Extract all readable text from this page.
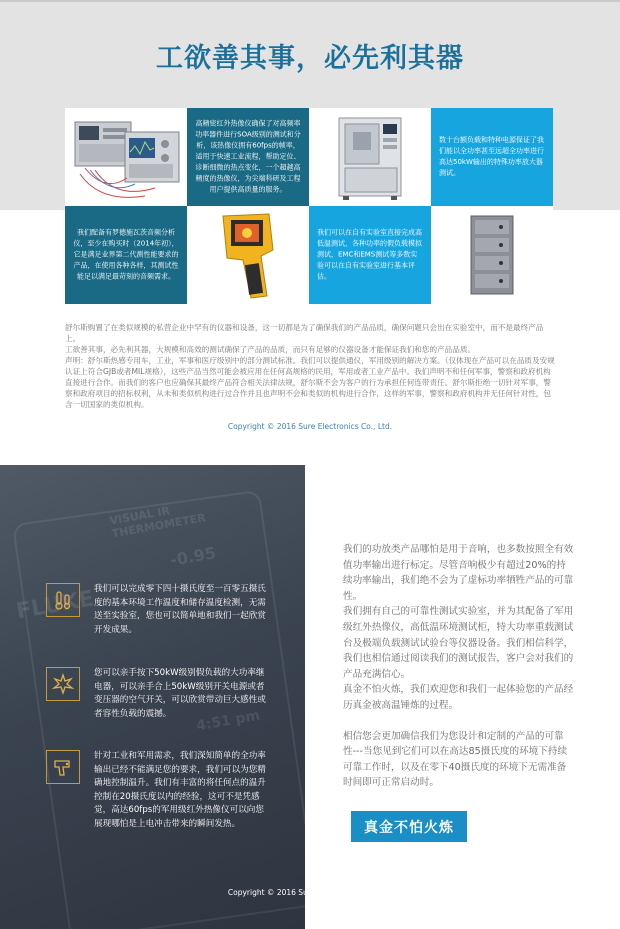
工欲善其事，必先利其器
高精密红外热像仪确保了对高频率功率器件进行SOA级别的测试和分析，该热像仪拥有60fps的帧率，适用于快速工业流程，帮助定位、诊断细微的热点变化，一个超越高精度的热像仪，为尖端科研及工程用户提供高质量的服务。
数十台额负载和特种电源保证了我们能以全功率甚至远超全功率进行高达50kW输出的特殊功率放大器测试。
我们配备有罗德施瓦茨音频分析仪，至少在购买时（2014年初），它是满足业界第二代测性能要求的产品，在使用各种各样，其测试性能足以满足最苛刻的音频需求。
我们可以在自有实验室直接完成高低温测试，各种功率的假负载模拟测试，EMC和EMS测试等多数实验可以在自有实验室进行基本评估。

舒尔斯购置了在类似规模的私营企业中罕有的仪器和设备，这一切都是为了确保我们的产品品质，确保问题只会出在实验室中，而不是最终产品上。

工欲善其事，必先利其器，大规模和高效的测试确保了产品的品质，而只有足够的仪器设备才能保证我们和您的产品品质。

声明：舒尔斯热感专用车，工业，军事和医疗级别中的部分测试标准。我们可以提供通仪，军用级别的解决方案。（仅体现在产品可以在品质及安规认证上符合GJB或者MIL规格），这些产品当然可能会被应用在任何高规格的民用，军用或者工业产品中。我们声明不和任何军事，警察和政府机构直接进行合作。而我们的客户也应确保其最终产品符合相关法律法规，舒尔斯不会为客户的行为承担任何连带责任。舒尔斯拒绝一切针对军事，警察和政府项目的招标权利，从未和类似机构进行过合作并且也声明不会和类似的机构进行合作，这样的军事，警察和政府机构并无任何针对性，包含一切国家的类似机构。

Copyright © 2016 Sure Electronics Co., Ltd.
FLUKE
VISUAL IR THERMOMETER
-0.95
4:51 pm
我们可以完成零下四十摄氏度至一百零五摄氏度的基本环境工作温度和储存温度检测，无需送至实验室，您也可以简单地和我们一起欣赏开发成果。
您可以亲手按下50kW级别假负载的大功率继电器，可以亲手合上50kW级别开关电源或者变压器的空气开关，可以欣赏带动巨大感性或者容性负载的震撼。
针对工业和军用需求，我们深知简单的全功率输出已经不能满足您的要求，我们可以为您精确地控制温升。我们有丰富的将任何点的温升控制在20摄氏度以内的经验，这可不是凭感觉，高达60fps的军用级红外热像仪可以向您展现哪怕是上电冲击带来的瞬间发热。

我们的功放类产品哪怕是用于音响，也多数按照全有效值功率输出进行标定。尽管音响极少有超过20%的持续功率输出，我们绝不会为了虚标功率牺牲产品的可靠性。

我们拥有自己的可靠性测试实验室，并为其配备了军用级红外热像仪，高低温环境测试柜，特大功率重载测试台及极端负载测试试验台等仪器设备。我们相信科学，我们也相信通过阅读我们的测试报告，客户会对我们的产品充满信心。

真金不怕火炼，我们欢迎您和我们一起体验您的产品经历真金被高温锤炼的过程。

相信您会更加确信我们为您设计和定制的产品的可靠性---当您见到它们可以在高达85摄氏度的环境下持续可靠工作时，以及在零下40摄氏度的环境下无需准备时间即可正常启动时。

真金不怕火炼
Copyright © 2016 Sure Electronics Co., Ltd.
